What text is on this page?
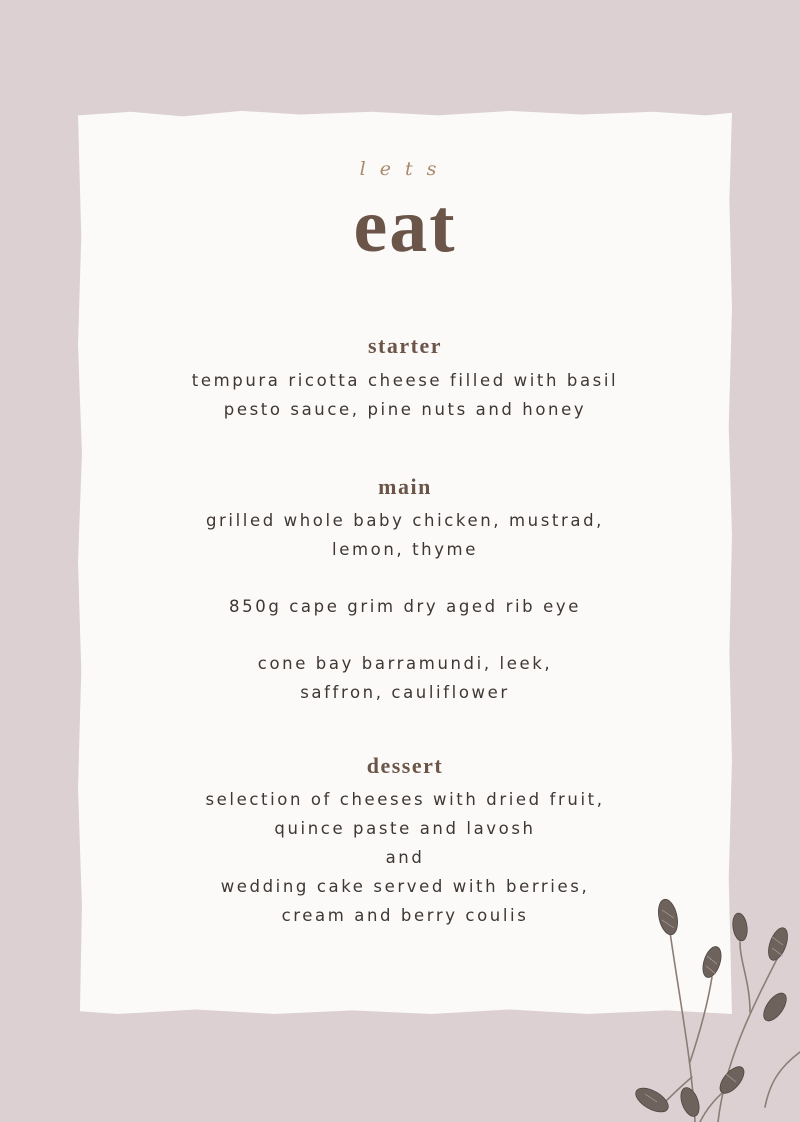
lets
eat
starter
tempura ricotta cheese filled with basil
pesto sauce, pine nuts and honey
main
grilled whole baby chicken, mustrad,
lemon, thyme
850g cape grim dry aged rib eye
cone bay barramundi, leek,
saffron, cauliflower
dessert
selection of cheeses with dried fruit,
quince paste and lavosh
and
wedding cake served with berries,
cream and berry coulis
